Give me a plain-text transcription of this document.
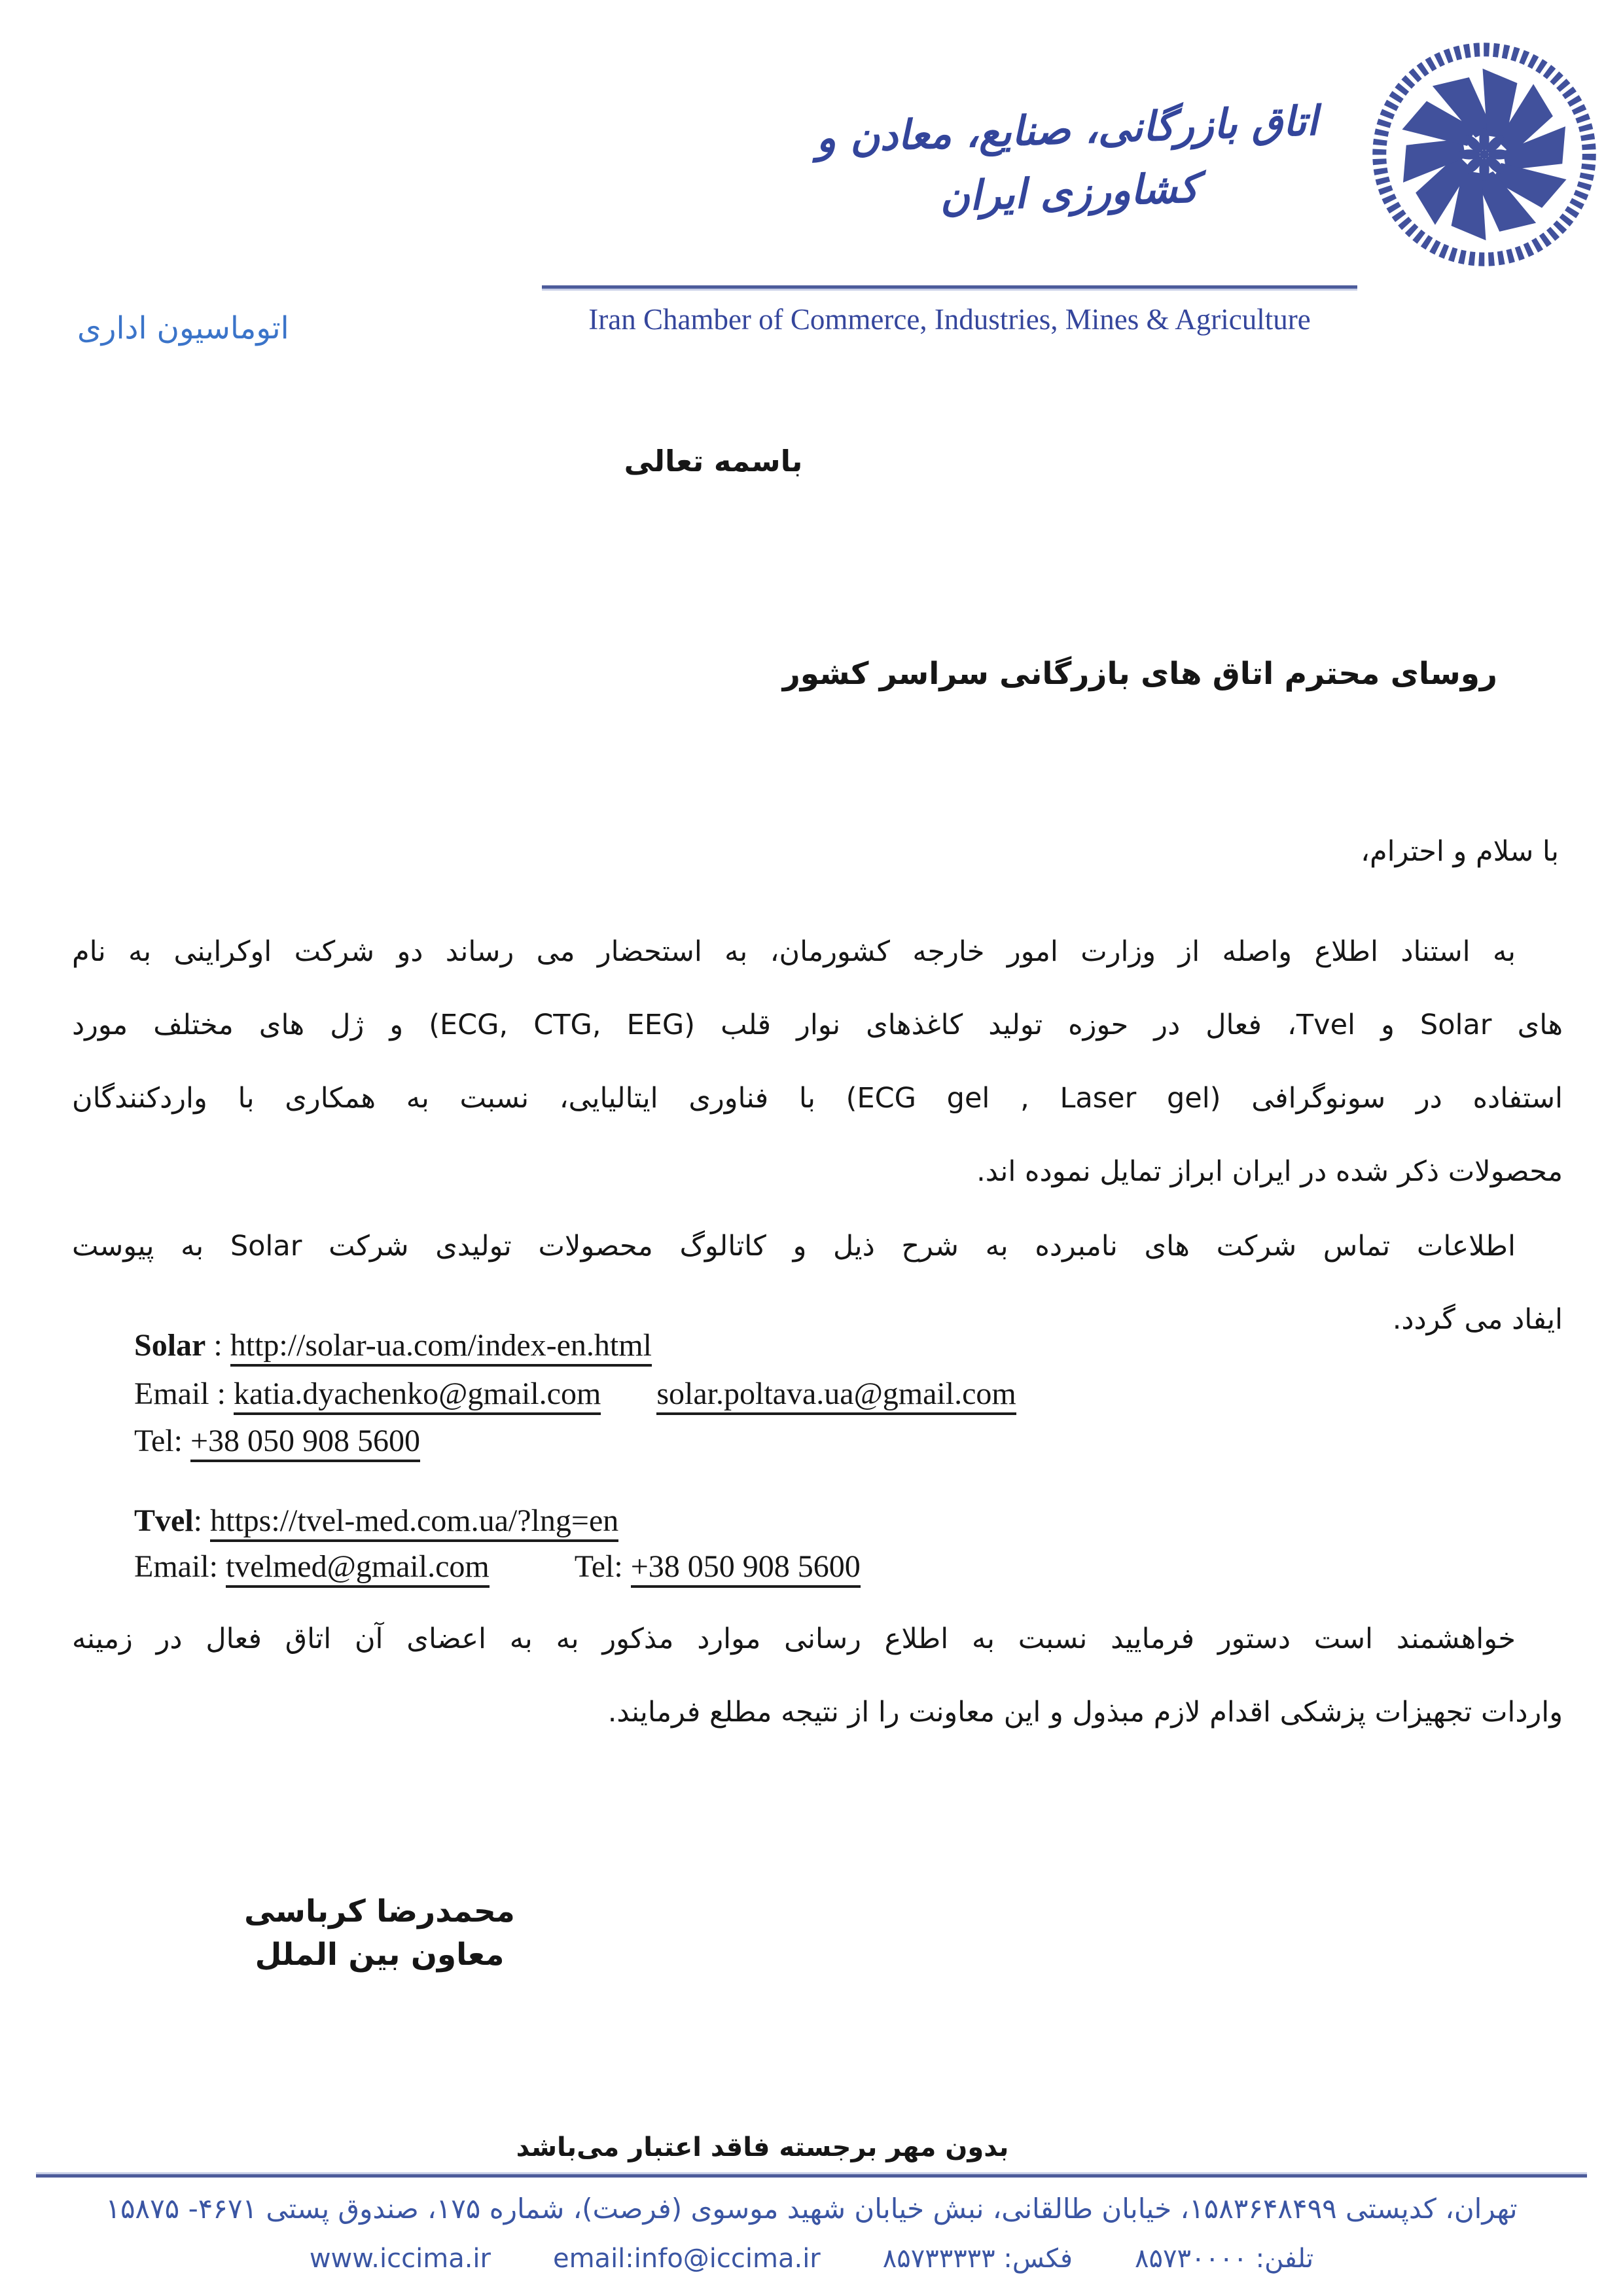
اتوماسیون اداری
اتاق بازرگانی، صنایع، معادن و کشاورزی ایران
Iran Chamber of Commerce, Industries, Mines & Agriculture
باسمه تعالی
روسای محترم اتاق های بازرگانی سراسر کشور
با سلام و احترام،
به استناد اطلاع واصله از وزارت امور خارجه کشورمان، به استحضار می رساند دو شرکت اوکراینی به نام
های Solar و Tvel، فعال در حوزه تولید کاغذهای نوار قلب (ECG, CTG, EEG) و ژل های مختلف مورد
استفاده در سونوگرافی (ECG gel , Laser gel) با فناوری ایتالیایی، نسبت به همکاری با واردکنندگان
محصولات ذکر شده در ایران ابراز تمایل نموده اند.
اطلاعات تماس شرکت های نامبرده به شرح ذیل و کاتالوگ محصولات تولیدی شرکت Solar به پیوست
ایفاد می گردد.
Solar : http://solar-ua.com/index-en.html
Email : katia.dyachenko@gmail.com solar.poltava.ua@gmail.com
Tel: +38 050 908 5600
Tvel: https://tvel-med.com.ua/?lng=en
Email: tvelmed@gmail.com	Tel: +38 050 908 5600
خواهشمند است دستور فرمایید نسبت به اطلاع رسانی موارد مذکور به به اعضای آن اتاق فعال در زمینه
واردات تجهیزات پزشکی اقدام لازم مبذول و این معاونت را از نتیجه مطلع فرمایند.
محمدرضا کرباسی
معاون بین الملل
بدون مهر برجسته فاقد اعتبار می‌باشد
تهران، کدپستی ۱۵۸۳۶۴۸۴۹۹، خیابان طالقانی، نبش خیابان شهید موسوی (فرصت)، شماره ۱۷۵، صندوق پستی ۴۶۷۱- ۱۵۸۷۵
تلفن: ۸۵۷۳۰۰۰۰
فکس: ۸۵۷۳۳۳۳۳
email:info@iccima.ir
www.iccima.ir
